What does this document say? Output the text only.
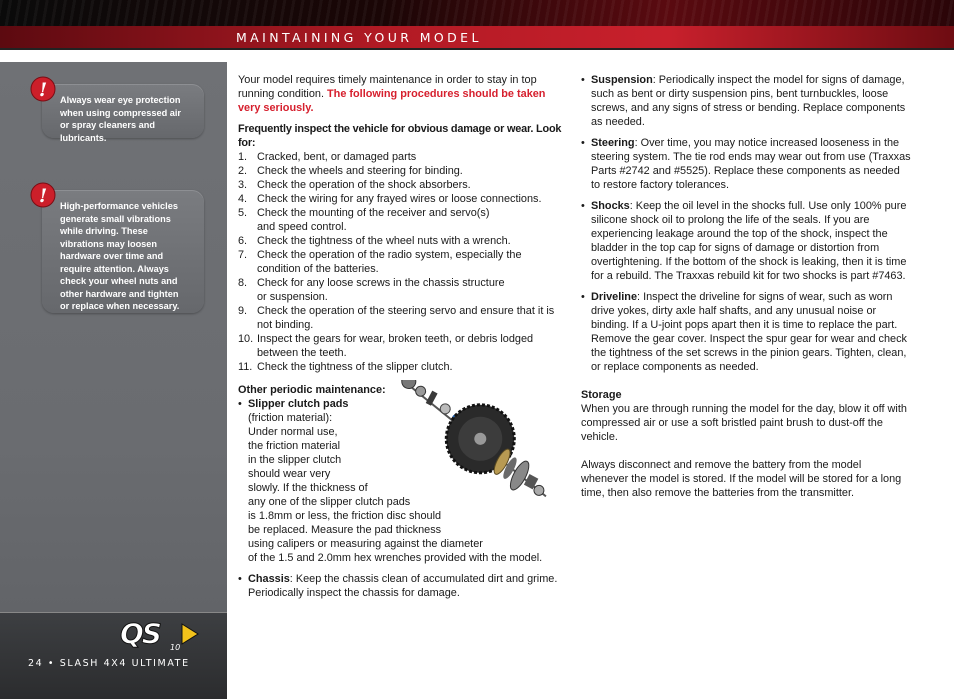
MAINTAINING YOUR MODEL
! Always wear eye protection when using compressed air or spray cleaners and lubricants.
! High-performance vehicles generate small vibrations while driving. These vibrations may loosen hardware over time and require attention. Always check your wheel nuts and other hardware and tighten or replace when necessary.
QS 10
24 • SLASH 4X4 ULTIMATE

Your model requires timely maintenance in order to stay in top running condition. The following procedures should be taken very seriously.

Frequently inspect the vehicle for obvious damage or wear. Look for:

1. Cracked, bent, or damaged parts
2. Check the wheels and steering for binding.
3. Check the operation of the shock absorbers.
4. Check the wiring for any frayed wires or loose connections.
5. Check the mounting of the receiver and servo(s) and speed control.
6. Check the tightness of the wheel nuts with a wrench.
7. Check the operation of the radio system, especially the condition of the batteries.
8. Check for any loose screws in the chassis structure or suspension.
9. Check the operation of the steering servo and ensure that it is not binding.
10. Inspect the gears for wear, broken teeth, or debris lodged between the teeth.
11. Check the tightness of the slipper clutch.

Other periodic maintenance:

• Slipper clutch pads
(friction material):
Under normal use,
the friction material
in the slipper clutch
should wear very
slowly. If the thickness of
any one of the slipper clutch pads
is 1.8mm or less, the friction disc should
be replaced. Measure the pad thickness
using calipers or measuring against the diameter
of the 1.5 and 2.0mm hex wrenches provided with the model.
• Chassis: Keep the chassis clean of accumulated dirt and grime. Periodically inspect the chassis for damage.
• Suspension: Periodically inspect the model for signs of damage, such as bent or dirty suspension pins, bent turnbuckles, loose screws, and any signs of stress or bending. Replace components as needed.
• Steering: Over time, you may notice increased looseness in the steering system. The tie rod ends may wear out from use (Traxxas Parts #2742 and #5525). Replace these components as needed to restore factory tolerances.
• Shocks: Keep the oil level in the shocks full. Use only 100% pure silicone shock oil to prolong the life of the seals. If you are experiencing leakage around the top of the shock, inspect the bladder in the top cap for signs of damage or distortion from overtightening. If the bottom of the shock is leaking, then it is time for a rebuild. The Traxxas rebuild kit for two shocks is part #7463.
• Driveline: Inspect the driveline for signs of wear, such as worn drive yokes, dirty axle half shafts, and any unusual noise or binding. If a U-joint pops apart then it is time to replace the part. Remove the gear cover. Inspect the spur gear for wear and check the tightness of the set screws in the pinion gears. Tighten, clean, or replace components as needed.

Storage

When you are through running the model for the day, blow it off with compressed air or use a soft bristled paint brush to dust-off the vehicle.

Always disconnect and remove the battery from the model whenever the model is stored. If the model will be stored for a long time, then also remove the batteries from the transmitter.
